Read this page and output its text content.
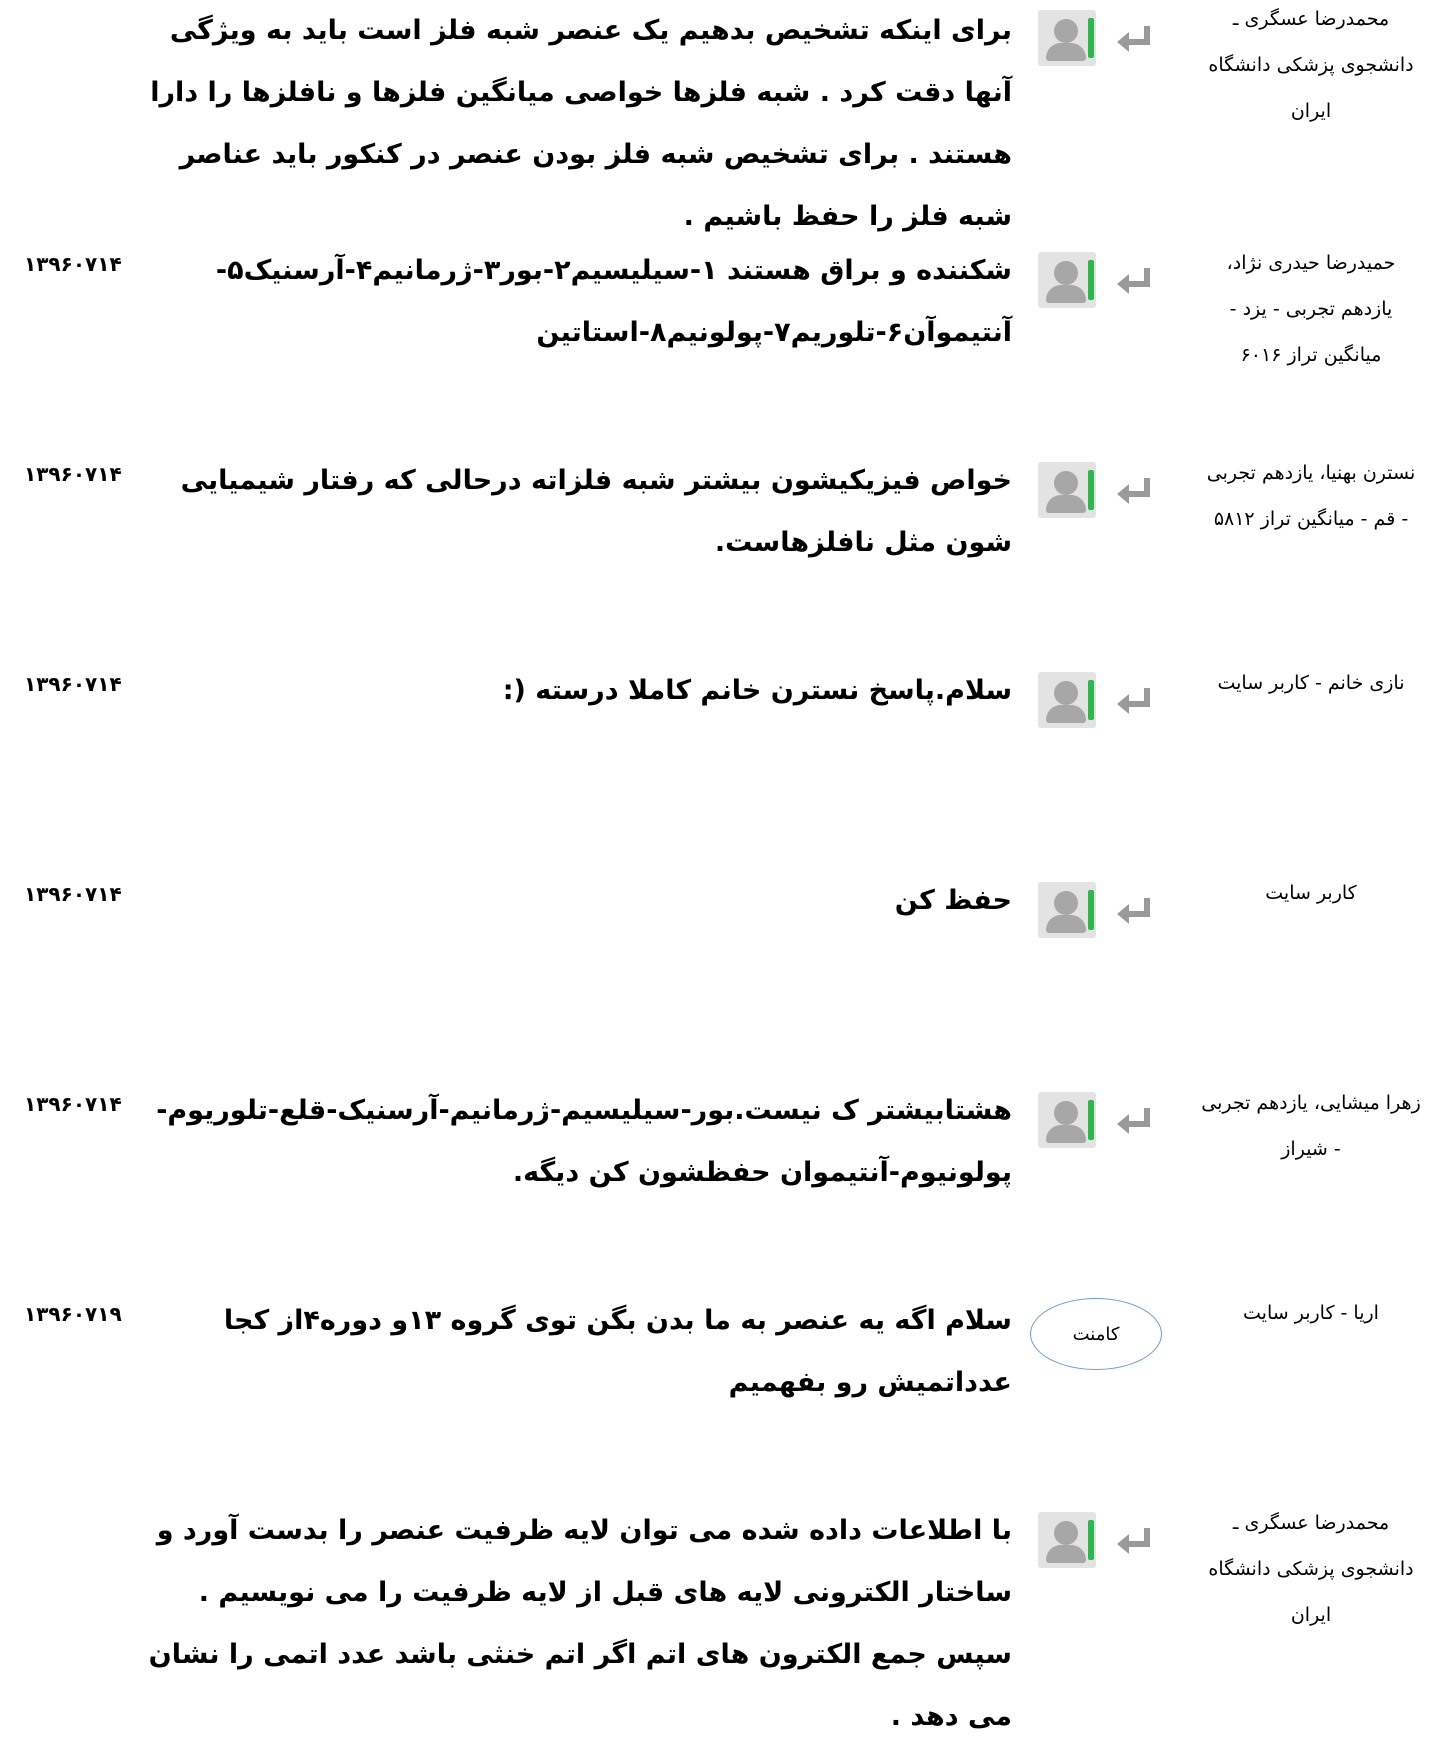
محمدرضا عسگری ـ
دانشجوی پزشکی دانشگاه
ایران
برای اینکه تشخیص بدهیم یک عنصر شبه فلز است باید به ویژگی آنها دقت کرد . شبه فلزها خواصی میانگین فلزها و نافلزها را دارا هستند . برای تشخیص شبه فلز بودن عنصر در کنکور باید عناصر شبه فلز را حفظ باشیم .
۱۳۹۶۰۷۱۴	حمیدرضا حیدری نژاد،
یازدهم تجربی - یزد -
میانگین تراز ۶۰۱۶
شکننده و براق هستند ۱-سیلیسیم۲-بور۳-ژرمانیم۴-آرسنیک۵-آنتیموآن۶-تلوریم۷-پولونیم۸-استاتین
۱۳۹۶۰۷۱۴	نسترن بهنیا، یازدهم تجربی
- قم - میانگین تراز ۵۸۱۲
خواص فیزیکیشون بیشتر شبه فلزاته درحالی که رفتار شیمیایی شون مثل نافلزهاست.
۱۳۹۶۰۷۱۴	نازی خانم - کاربر سایت
سلام.پاسخ نسترن خانم کاملا درسته (:
۱۳۹۶۰۷۱۴	کاربر سایت
حفظ کن
۱۳۹۶۰۷۱۴	زهرا میشایی، یازدهم تجربی
- شیراز
هشتابیشتر ک نیست.بور-سیلیسیم-ژرمانیم-آرسنیک-قلع-تلوریوم-پولونیوم-آنتیموان حفظشون کن دیگه.
۱۳۹۶۰۷۱۹	اریا - کاربر سایت
کامنت
سلام اگه یه عنصر به ما بدن بگن توی گروه ۱۳و دوره۴از کجا عدداتمیش رو بفهمیم
محمدرضا عسگری ـ
دانشجوی پزشکی دانشگاه
ایران
با اطلاعات داده شده می توان لایه ظرفیت عنصر را بدست آورد و ساختار الکترونی لایه های قبل از لایه ظرفیت را می نویسیم . سپس جمع الکترون های اتم اگر اتم خنثی باشد عدد اتمی را نشان می دهد .
